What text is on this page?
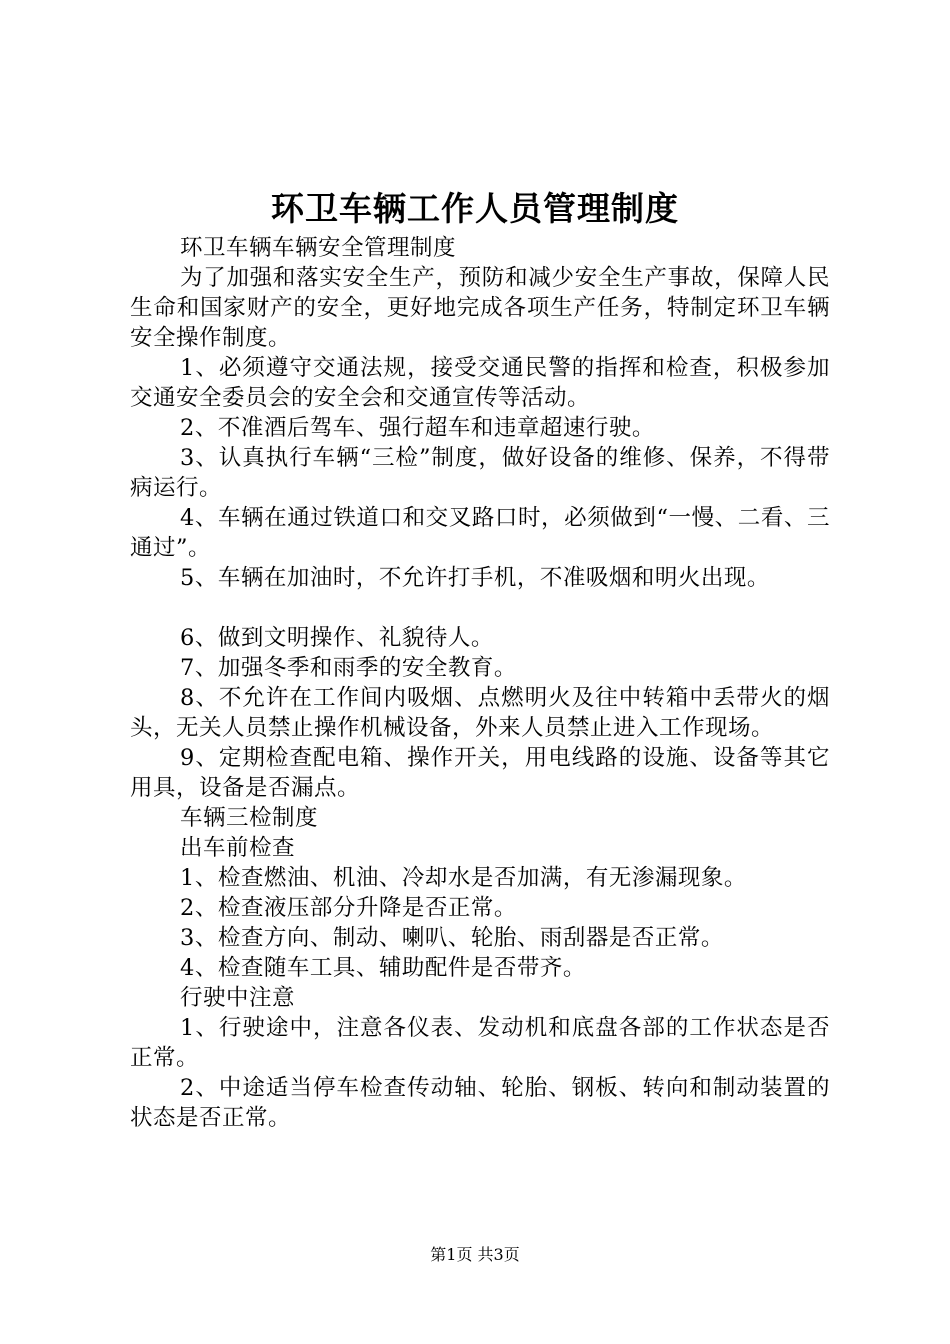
环卫车辆工作人员管理制度

环卫车辆车辆安全管理制度

为了加强和落实安全生产，预防和减少安全生产事故，保障人民生命和国家财产的安全，更好地完成各项生产任务，特制定环卫车辆安全操作制度。

1、必须遵守交通法规，接受交通民警的指挥和检查，积极参加交通安全委员会的安全会和交通宣传等活动。

2、不准酒后驾车、强行超车和违章超速行驶。

3、认真执行车辆“三检”制度，做好设备的维修、保养，不得带病运行。

4、车辆在通过铁道口和交叉路口时，必须做到“一慢、二看、三通过”。

5、车辆在加油时，不允许打手机，不准吸烟和明火出现。

6、做到文明操作、礼貌待人。

7、加强冬季和雨季的安全教育。

8、不允许在工作间内吸烟、点燃明火及往中转箱中丢带火的烟头，无关人员禁止操作机械设备，外来人员禁止进入工作现场。

9、定期检查配电箱、操作开关，用电线路的设施、设备等其它用具，设备是否漏点。

车辆三检制度

出车前检查

1、检查燃油、机油、冷却水是否加满，有无渗漏现象。

2、检查液压部分升降是否正常。

3、检查方向、制动、喇叭、轮胎、雨刮器是否正常。

4、检查随车工具、辅助配件是否带齐。

行驶中注意

1、行驶途中，注意各仪表、发动机和底盘各部的工作状态是否正常。

2、中途适当停车检查传动轴、轮胎、钢板、转向和制动装置的状态是否正常。

第1页 共3页
